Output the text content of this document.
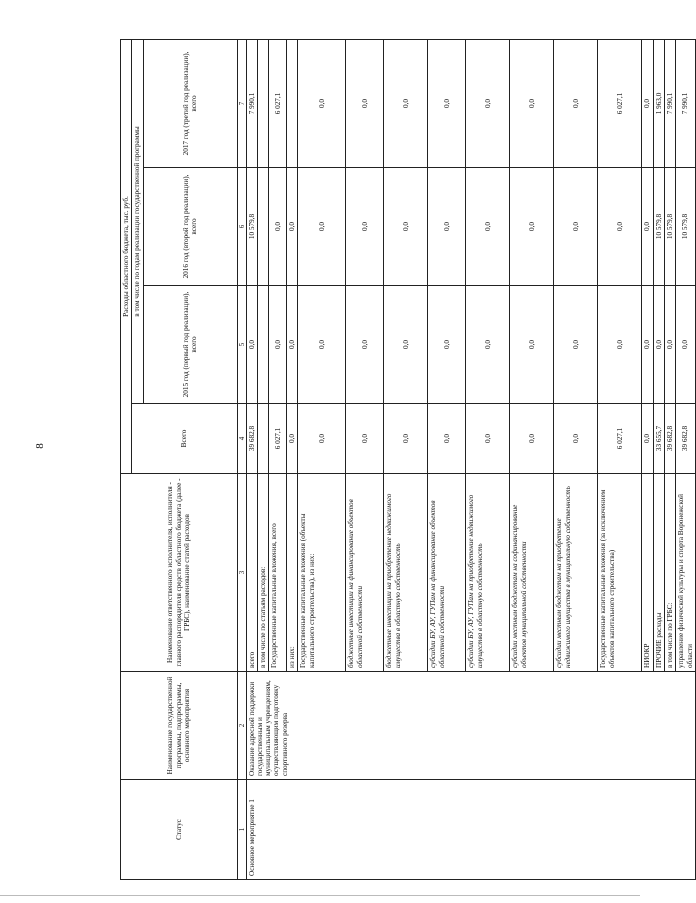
8
Статус	Наименование государственной программы, подпрограммы, основного мероприятия	Наименование ответственного исполнителя, исполнителя - главного распорядителя средств областного бюджета (далее - ГРБС), наименование статей расходов	Расходы областного бюджета, тыс. руб.			
			Всего	в том числе по годам реализации государственной программы		
				2015 год (первый год реализации), всего	2016 год (второй год реализации), всего	2017 год (третий год реализации), всего
1	2	3	4	5	6	7
Основное мероприятие 1	Оказание адресной поддержки государственным и муниципальным учреждениям, осуществляющим подготовку спортивного резерва	всего	39 682,8	0,0	10 579,8	7 990,1
		в том числе по статьям расходов:				
		Государственные капитальные вложения, всего	6 027,1	0,0	0,0	6 027,1
		из них:	0,0	0,0	0,0	
		Государственные капитальные вложения (объекты капитального строительства), из них:	0,0	0,0	0,0	0,0
		бюджетные инвестиции на финансирование объектов областной собственности	0,0	0,0	0,0	0,0
		бюджетные инвестиции на приобретение недвижимого имущества в областную собственность	0,0	0,0	0,0	0,0
		субсидии БУ, АУ, ГУПам на финансирование объектов областной собственности	0,0	0,0	0,0	0,0
		субсидии БУ, АУ, ГУПам на приобретение недвижимого имущества в областную собственность	0,0	0,0	0,0	0,0
		субсидии местным бюджетам на софинансирование объектов муниципальной собственности	0,0	0,0	0,0	0,0
		субсидии местным бюджетам на приобретение недвижимого имущества в муниципальную собственность	0,0	0,0	0,0	0,0
		Государственные капитальные вложения (за исключением объектов капитального строительства)	6 027,1	0,0	0,0	6 027,1
		НИОКР	0,0	0,0	0,0	0,0
		ПРОЧИЕ расходы	33 655,7	0,0	10 579,8	1 963,0
		в том числе по ГРБС:	39 682,8	0,0	10 579,8	7 990,1
		управление физической культуры и спорта Воронежской области	39 682,8	0,0	10 579,8	7 990,1
